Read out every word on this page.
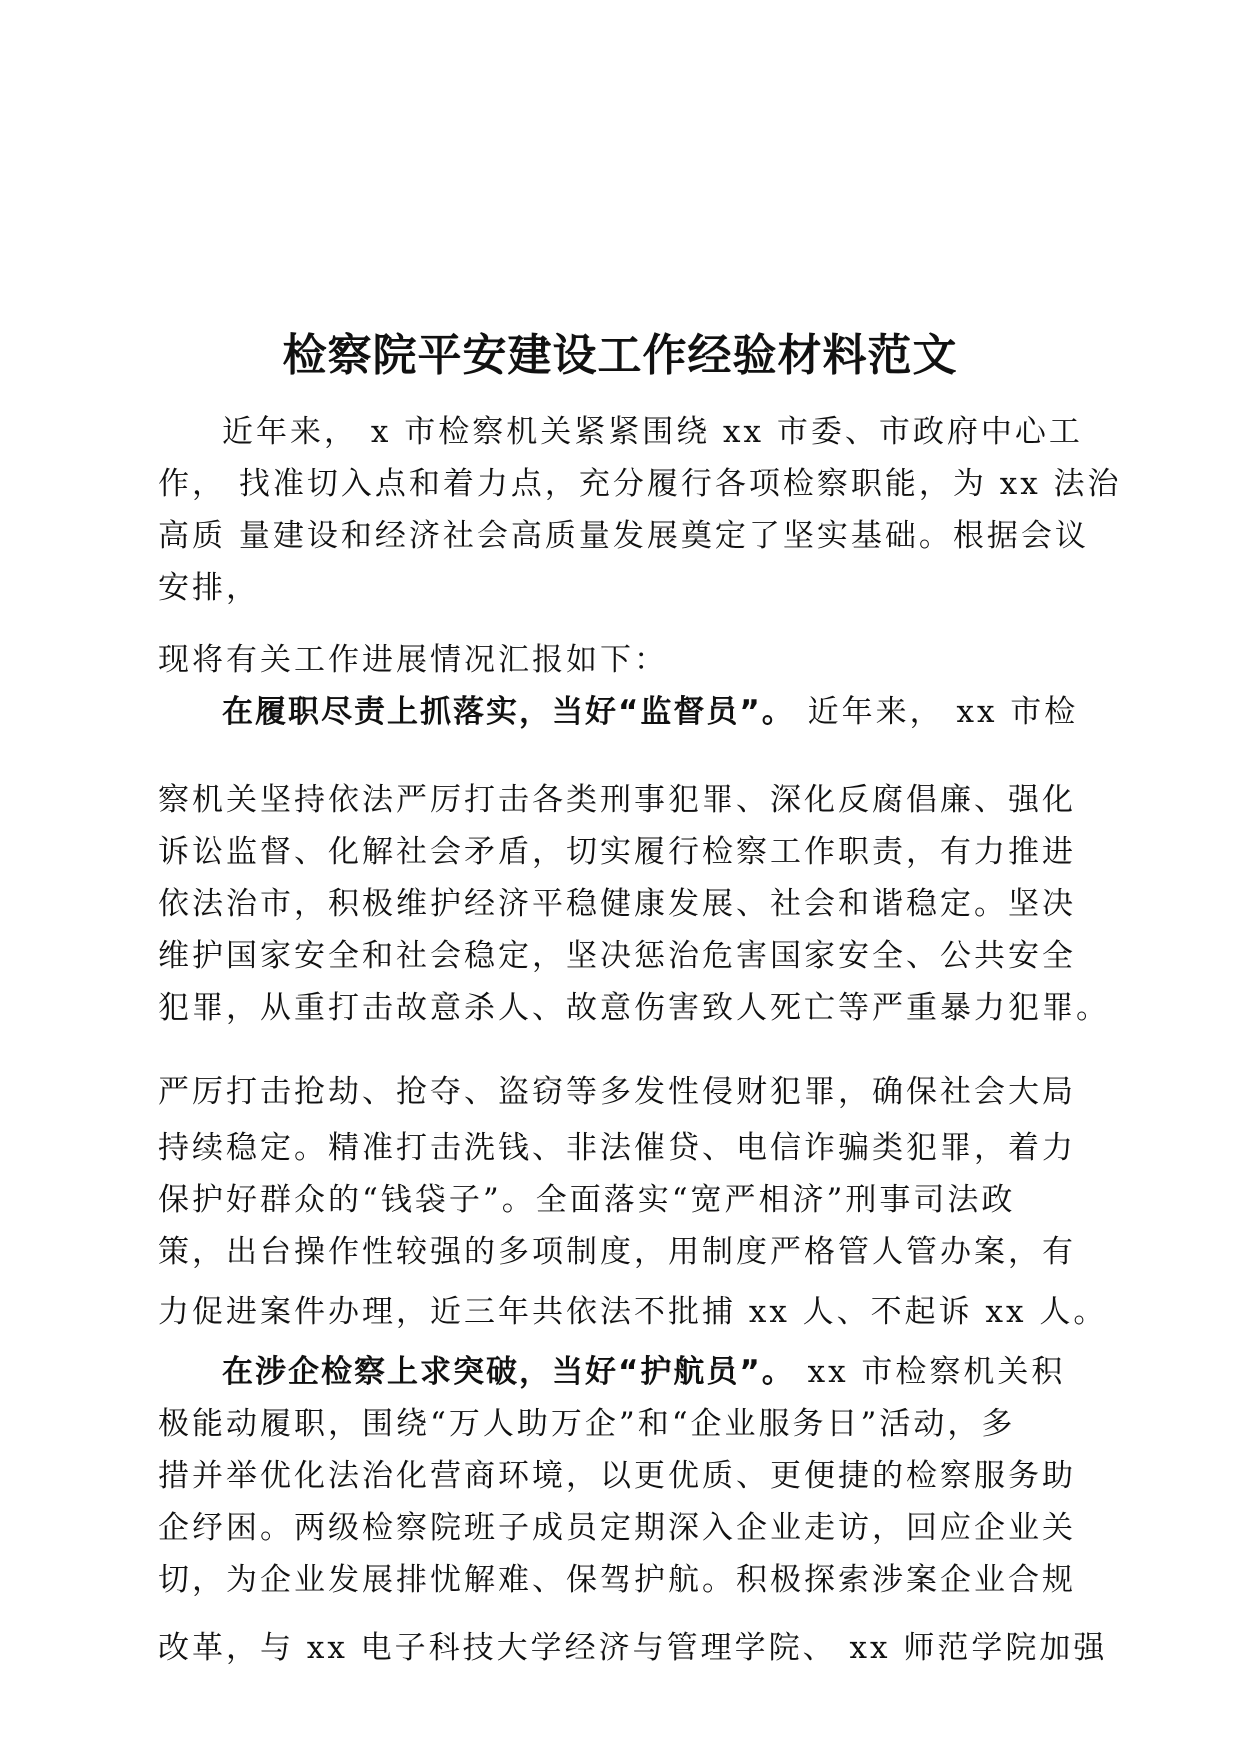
检察院平安建设工作经验材料范文

近年来， x 市检察机关紧紧围绕 xx 市委、市政府中心工

作， 找准切入点和着力点，充分履行各项检察职能，为 xx 法治

高质 量建设和经济社会高质量发展奠定了坚实基础。根据会议

安排，

现将有关工作进展情况汇报如下：

在履职尽责上抓落实，当好“监督员”。 近年来， xx 市检

察机关坚持依法严厉打击各类刑事犯罪、深化反腐倡廉、强化

诉讼监督、化解社会矛盾，切实履行检察工作职责，有力推进

依法治市，积极维护经济平稳健康发展、社会和谐稳定。坚决

维护国家安全和社会稳定，坚决惩治危害国家安全、公共安全

犯罪，从重打击故意杀人、故意伤害致人死亡等严重暴力犯罪。

严厉打击抢劫、抢夺、盗窃等多发性侵财犯罪，确保社会大局

持续稳定。精准打击洗钱、非法催贷、电信诈骗类犯罪，着力

保护好群众的“钱袋子”。全面落实“宽严相济”刑事司法政

策，出台操作性较强的多项制度，用制度严格管人管办案，有

力促进案件办理，近三年共依法不批捕 xx 人、不起诉 xx 人。

在涉企检察上求突破，当好“护航员”。 xx 市检察机关积

极能动履职，围绕“万人助万企”和“企业服务日”活动，多

措并举优化法治化营商环境，以更优质、更便捷的检察服务助

企纾困。两级检察院班子成员定期深入企业走访，回应企业关

切，为企业发展排忧解难、保驾护航。积极探索涉案企业合规

改革，与 xx 电子科技大学经济与管理学院、 xx 师范学院加强
